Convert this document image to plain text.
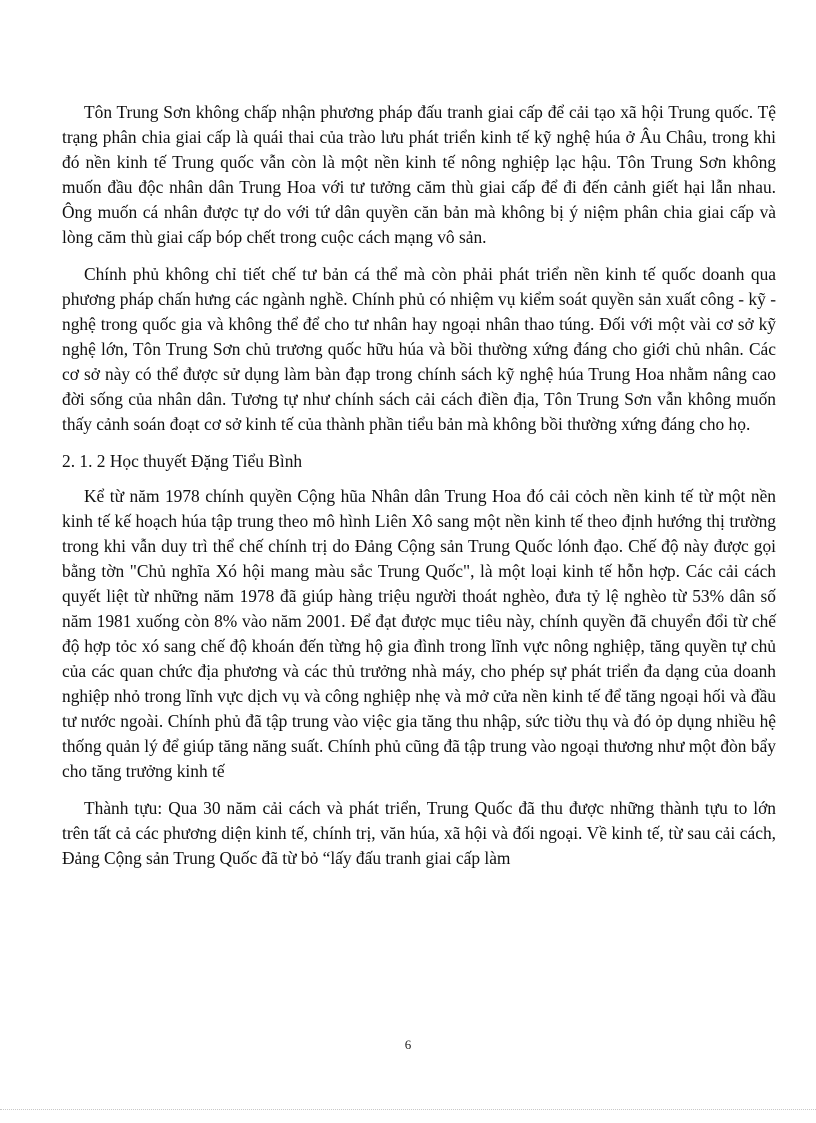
Tôn Trung Sơn không chấp nhận phương pháp đấu tranh giai cấp để cải tạo xã hội Trung quốc. Tệ trạng phân chia giai cấp là quái thai của trào lưu phát triển kinh tế kỹ nghệ húa ở Âu Châu, trong khi đó nền kinh tế Trung quốc vẫn còn là một nền kinh tế nông nghiệp lạc hậu. Tôn Trung Sơn không muốn đầu độc nhân dân Trung Hoa với tư tưởng căm thù giai cấp để đi đến cảnh giết hại lẫn nhau. Ông muốn cá nhân được tự do với tứ dân quyền căn bản mà không bị ý niệm phân chia giai cấp và lòng căm thù giai cấp bóp chết trong cuộc cách mạng vô sản.

Chính phủ không chỉ tiết chế tư bản cá thể mà còn phải phát triển nền kinh tế quốc doanh qua phương pháp chấn hưng các ngành nghề. Chính phủ có nhiệm vụ kiểm soát quyền sản xuất công - kỹ - nghệ trong quốc gia và không thể để cho tư nhân hay ngoại nhân thao túng. Đối với một vài cơ sở kỹ nghệ lớn, Tôn Trung Sơn chủ trương quốc hữu húa và bồi thường xứng đáng cho giới chủ nhân. Các cơ sở này có thể được sử dụng làm bàn đạp trong chính sách kỹ nghệ húa Trung Hoa nhằm nâng cao đời sống của nhân dân. Tương tự như chính sách cải cách điền địa, Tôn Trung Sơn vẫn không muốn thấy cảnh soán đoạt cơ sở kinh tế của thành phần tiểu bản mà không bồi thường xứng đáng cho họ.

2. 1. 2 Học thuyết Đặng Tiểu Bình

Kể từ năm 1978 chính quyền Cộng hũa Nhân dân Trung Hoa đó cải cỏch nền kinh tế từ một nền kinh tế kế hoạch húa tập trung theo mô hình Liên Xô sang một nền kinh tế theo định hướng thị trường trong khi vẫn duy trì thể chế chính trị do Đảng Cộng sản Trung Quốc lónh đạo. Chế độ này được gọi bằng tờn "Chủ nghĩa Xó hội mang màu sắc Trung Quốc", là một loại kinh tế hỗn hợp. Các cải cách quyết liệt từ những năm 1978 đã giúp hàng triệu người thoát nghèo, đưa tỷ lệ nghèo từ 53% dân số năm 1981 xuống còn 8% vào năm 2001. Để đạt được mục tiêu này, chính quyền đã chuyển đổi từ chế độ hợp tỏc xó sang chế độ khoán đến từng hộ gia đình trong lĩnh vực nông nghiệp, tăng quyền tự chủ của các quan chức địa phương và các thủ trưởng nhà máy, cho phép sự phát triển đa dạng của doanh nghiệp nhỏ trong lĩnh vực dịch vụ và công nghiệp nhẹ và mở cửa nền kinh tế để tăng ngoại hối và đầu tư nước ngoài. Chính phủ đã tập trung vào việc gia tăng thu nhập, sức tiờu thụ và đó ỏp dụng nhiều hệ thống quản lý để giúp tăng năng suất. Chính phủ cũng đã tập trung vào ngoại thương như một đòn bẩy cho tăng trưởng kinh tế

Thành tựu: Qua 30 năm cải cách và phát triển, Trung Quốc đã thu được những thành tựu to lớn trên tất cả các phương diện kinh tế, chính trị, văn húa, xã hội và đối ngoại. Về kinh tế, từ sau cải cách, Đảng Cộng sản Trung Quốc đã từ bỏ “lấy đấu tranh giai cấp làm

6
